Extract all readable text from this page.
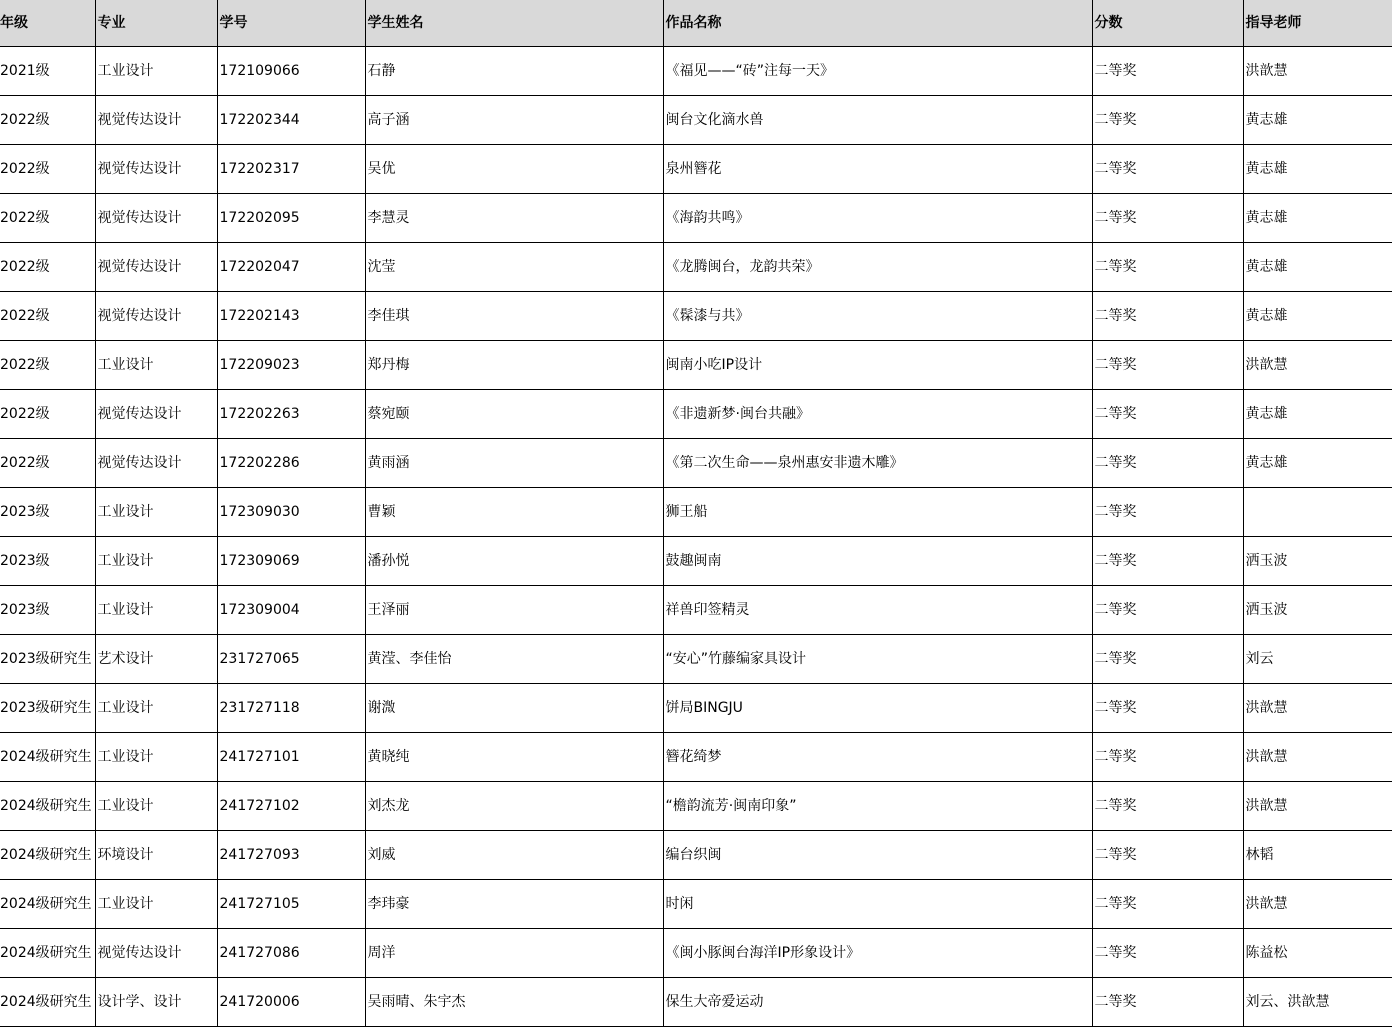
年级	专业	学号	学生姓名	作品名称	分数	指导老师
2021级	工业设计	172109066	石静	《福见——“砖”注每一天》	二等奖	洪歆慧
2022级	视觉传达设计	172202344	高子涵	闽台文化滴水兽	二等奖	黄志雄
2022级	视觉传达设计	172202317	吴优	泉州簪花	二等奖	黄志雄
2022级	视觉传达设计	172202095	李慧灵	《海韵共鸣》	二等奖	黄志雄
2022级	视觉传达设计	172202047	沈莹	《龙腾闽台，龙韵共荣》	二等奖	黄志雄
2022级	视觉传达设计	172202143	李佳琪	《髹漆与共》	二等奖	黄志雄
2022级	工业设计	172209023	郑丹梅	闽南小吃IP设计	二等奖	洪歆慧
2022级	视觉传达设计	172202263	蔡宛颐	《非遗新梦·闽台共融》	二等奖	黄志雄
2022级	视觉传达设计	172202286	黄雨涵	《第二次生命——泉州惠安非遗木雕》	二等奖	黄志雄
2023级	工业设计	172309030	曹颖	狮王船	二等奖	
2023级	工业设计	172309069	潘孙悦	鼓趣闽南	二等奖	洒玉波
2023级	工业设计	172309004	王泽丽	祥兽印签精灵	二等奖	洒玉波
2023级研究生	艺术设计	231727065	黄滢、李佳怡	“安心”竹藤编家具设计	二等奖	刘云
2023级研究生	工业设计	231727118	谢溦	饼局BINGJU	二等奖	洪歆慧
2024级研究生	工业设计	241727101	黄晓纯	簪花绮梦	二等奖	洪歆慧
2024级研究生	工业设计	241727102	刘杰龙	“檐韵流芳·闽南印象”	二等奖	洪歆慧
2024级研究生	环境设计	241727093	刘威	编台织闽	二等奖	林韬
2024级研究生	工业设计	241727105	李玮豪	时闲	二等奖	洪歆慧
2024级研究生	视觉传达设计	241727086	周洋	《闽小豚闽台海洋IP形象设计》	二等奖	陈益松
2024级研究生	设计学、设计	241720006	吴雨晴、朱宇杰	保生大帝爱运动	二等奖	刘云、洪歆慧
